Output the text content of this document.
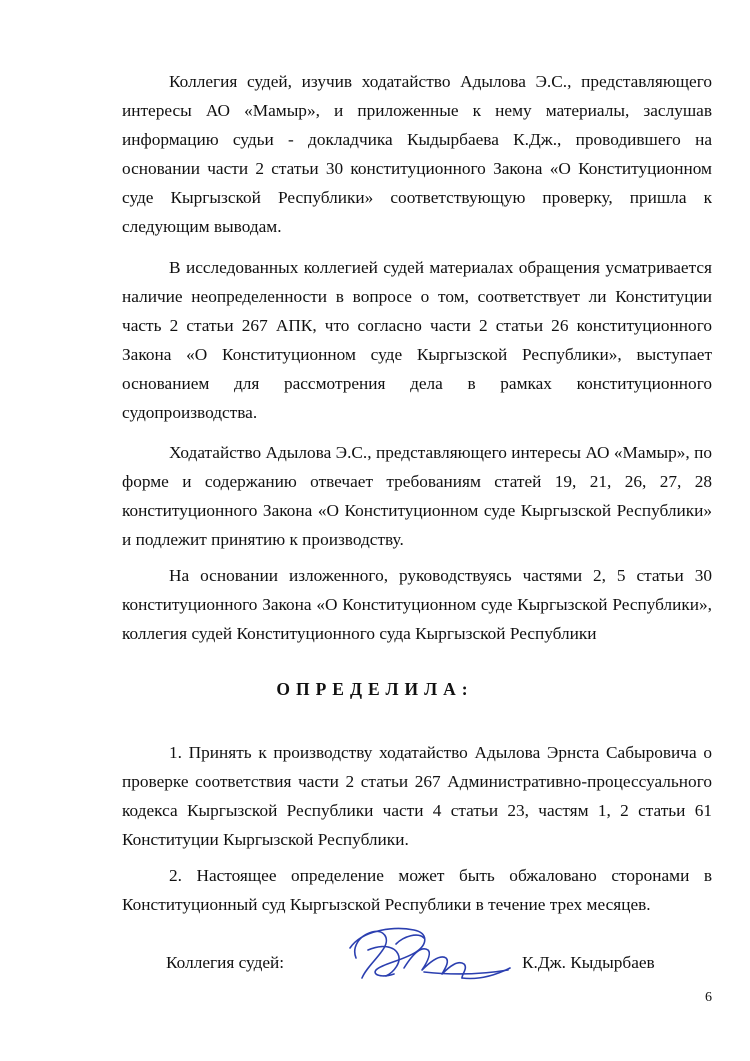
Коллегия судей, изучив ходатайство Адылова Э.С., представляющего интересы АО «Мамыр», и приложенные к нему материалы, заслушав информацию судьи - докладчика Кыдырбаева К.Дж., проводившего на основании части 2 статьи 30 конституционного Закона «О Конституционном суде Кыргызской Республики» соответствующую проверку, пришла к следующим выводам.

В исследованных коллегией судей материалах обращения усматривается наличие неопределенности в вопросе о том, соответствует ли Конституции часть 2 статьи 267 АПК, что согласно части 2 статьи 26 конституционного Закона «О Конституционном суде Кыргызской Республики», выступает основанием для рассмотрения дела в рамках конституционного судопроизводства.

Ходатайство Адылова Э.С., представляющего интересы АО «Мамыр», по форме и содержанию отвечает требованиям статей 19, 21, 26, 27, 28 конституционного Закона «О Конституционном суде Кыргызской Республики» и подлежит принятию к производству.

На основании изложенного, руководствуясь частями 2, 5 статьи 30 конституционного Закона «О Конституционном суде Кыргызской Республики», коллегия судей Конституционного суда Кыргызской Республики

ОПРЕДЕЛИЛА:

1. Принять к производству ходатайство Адылова Эрнста Сабыровича о проверке соответствия части 2 статьи 267 Административно-процессуального кодекса Кыргызской Республики части 4 статьи 23, частям 1, 2 статьи 61 Конституции Кыргызской Республики.

2. Настоящее определение может быть обжаловано сторонами в Конституционный суд Кыргызской Республики в течение трех месяцев.

Коллегия судей:	К.Дж. Кыдырбаев
6
